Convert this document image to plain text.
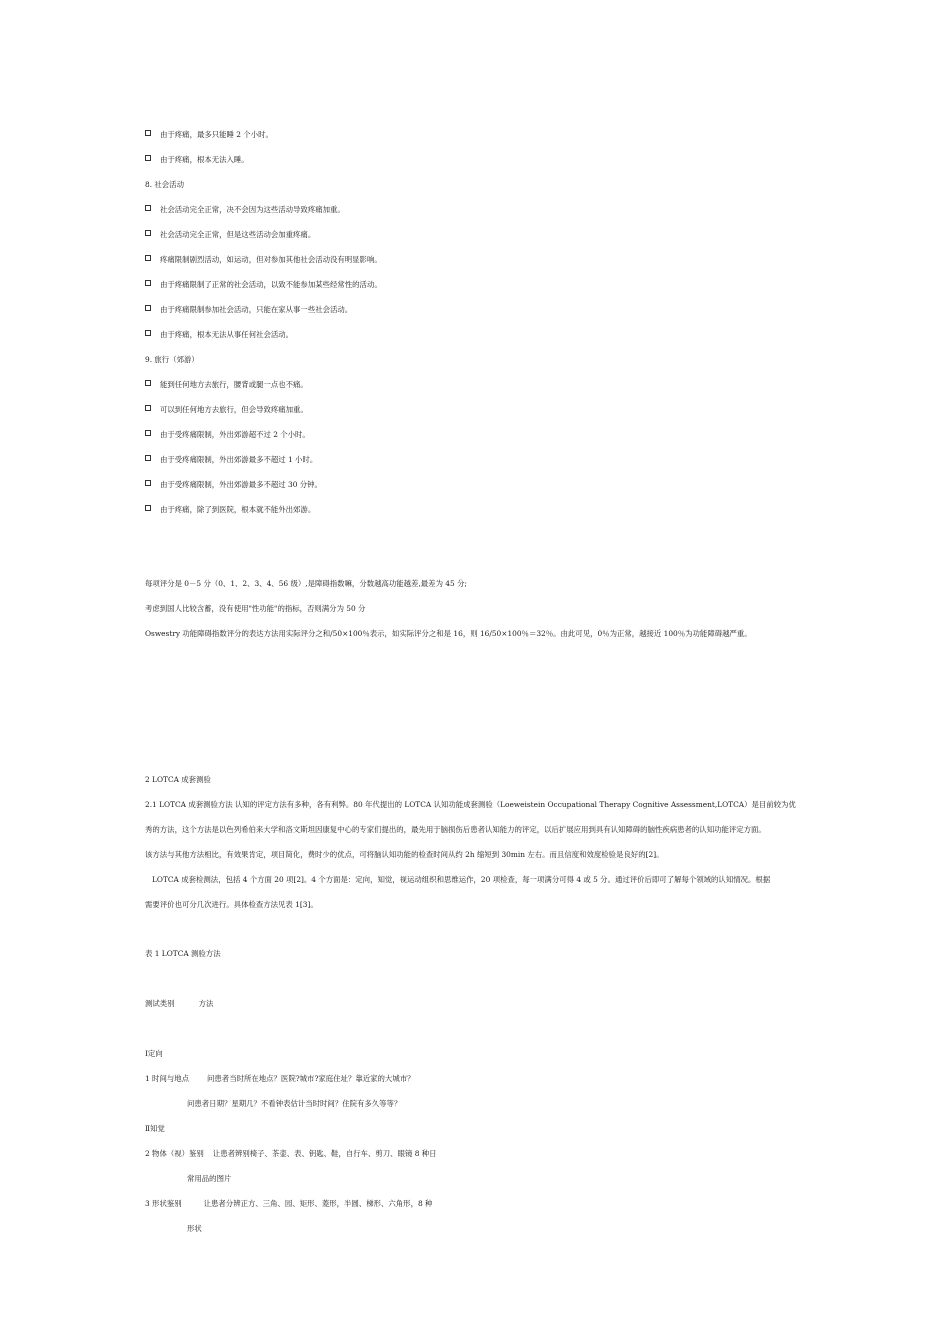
由于疼痛，最多只能睡 2 个小时。
由于疼痛，根本无法入睡。
8. 社会活动
社会活动完全正常，决不会因为这些活动导致疼痛加重。
社会活动完全正常，但是这些活动会加重疼痛。
疼痛限制剧烈活动，如运动，但对参加其他社会活动没有明显影响。
由于疼痛限制了正常的社会活动，以致不能参加某些经常性的活动。
由于疼痛限制参加社会活动，只能在家从事一些社会活动。
由于疼痛，根本无法从事任何社会活动。
9. 旅行（郊游）
能到任何地方去旅行，腰背或腿一点也不痛。
可以到任何地方去旅行，但会导致疼痛加重。
由于受疼痛限制，外出郊游超不过 2 个小时。
由于受疼痛限制，外出郊游最多不超过 1 小时。
由于受疼痛限制，外出郊游最多不超过 30 分钟。
由于疼痛，除了到医院，根本就不能外出郊游。
每项评分是 0－5 分（0、1、2、3、4、56 级）,是障碍指数嘛，分数越高功能越差,最差为 45 分;
考虑到国人比较含蓄，没有使用"性功能"的指标，否则满分为 50 分
Oswestry 功能障碍指数评分的表达方法用实际评分之和/50×100％表示，如实际评分之和是 16，则 16/50×100％＝32％。由此可见，0％为正常，越接近 100％为功能障碍越严重。
2 LOTCA 成套测验
2.1 LOTCA 成套测验方法 认知的评定方法有多种，各有利弊。80 年代提出的 LOTCA 认知功能成套测验（Loeweistein Occupational Therapy Cognitive Assessment,LOTCA）是目前较为优
秀的方法，这个方法是以色列希伯来大学和洛文斯坦因康复中心的专家们提出的，最先用于脑损伤后患者认知能力的评定，以后扩展应用到具有认知障碍的脑性疾病患者的认知功能评定方面。
该方法与其他方法相比，有效果肯定，项目简化，费时少的优点，可将脑认知功能的检查时间从约 2h 缩短到 30min 左右。而且信度和效度检验是良好的[2]。
LOTCA 成套检测法，包括 4 个方面 20 项[2]。4 个方面是：定向，知觉，视运动组织和思维运作，20 项检查，每一项满分可得 4 或 5 分。通过评价后即可了解每个领域的认知情况。根据
需要评价也可分几次进行。具体检查方法见表 1[3]。
表 1 LOTCA 测验方法
测试类别	方法
Ⅰ定向
1 时间与地点 问患者当时所在地点？医院?城市?家庭住址？靠近家的大城市？
问患者日期？星期几？不看钟表估计当时时间？住院有多久等等？
Ⅱ知觉
2 物体（视）鉴别 让患者辨别椅子、茶壶、表、钥匙、鞋，自行车、剪刀、眼镜 8 种日
常用品的图片
3 形状鉴别	让患者分辨正方、三角、园、矩形、菱形，半圆、梯形、六角形，8 种
形状
